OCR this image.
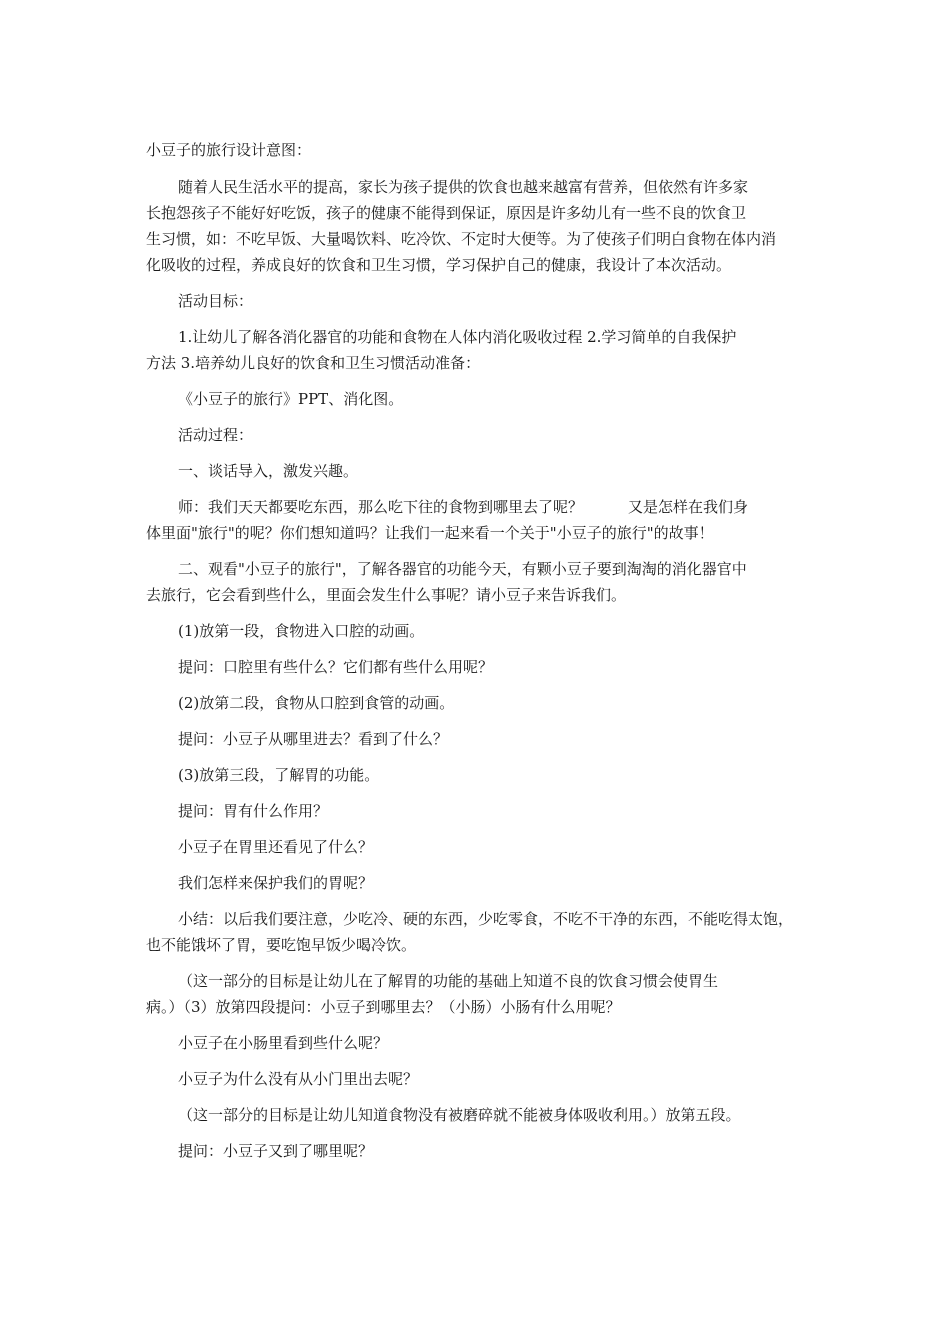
小豆子的旅行设计意图：
随着人民生活水平的提高，家长为孩子提供的饮食也越来越富有营养，但依然有许多家
长抱怨孩子不能好好吃饭，孩子的健康不能得到保证，原因是许多幼儿有一些不良的饮食卫
生习惯，如：不吃早饭、大量喝饮料、吃冷饮、不定时大便等。为了使孩子们明白食物在体内消
化吸收的过程，养成良好的饮食和卫生习惯，学习保护自己的健康，我设计了本次活动。
活动目标：
1.让幼儿了解各消化器官的功能和食物在人体内消化吸收过程 2.学习简单的自我保护
方法 3.培养幼儿良好的饮食和卫生习惯活动准备：
《小豆子的旅行》PPT、消化图。
活动过程：
一、谈话导入，激发兴趣。
师：我们天天都要吃东西，那么吃下往的食物到哪里去了呢？　　　又是怎样在我们身
体里面"旅行"的呢？你们想知道吗？让我们一起来看一个关于"小豆子的旅行"的故事！
二、观看"小豆子的旅行"，了解各器官的功能今天，有颗小豆子要到淘淘的消化器官中
去旅行，它会看到些什么，里面会发生什么事呢？请小豆子来告诉我们。
(1)放第一段，食物进入口腔的动画。
提问：口腔里有些什么？它们都有些什么用呢？
(2)放第二段，食物从口腔到食管的动画。
提问：小豆子从哪里进去？看到了什么？
(3)放第三段，了解胃的功能。
提问：胃有什么作用？
小豆子在胃里还看见了什么？
我们怎样来保护我们的胃呢？
小结：以后我们要注意，少吃冷、硬的东西，少吃零食，不吃不干净的东西，不能吃得太饱，
也不能饿坏了胃，要吃饱早饭少喝冷饮。
（这一部分的目标是让幼儿在了解胃的功能的基础上知道不良的饮食习惯会使胃生
病。）（3）放第四段提问：小豆子到哪里去？（小肠）小肠有什么用呢？
小豆子在小肠里看到些什么呢？
小豆子为什么没有从小门里出去呢？
（这一部分的目标是让幼儿知道食物没有被磨碎就不能被身体吸收利用。）放第五段。
提问：小豆子又到了哪里呢？
